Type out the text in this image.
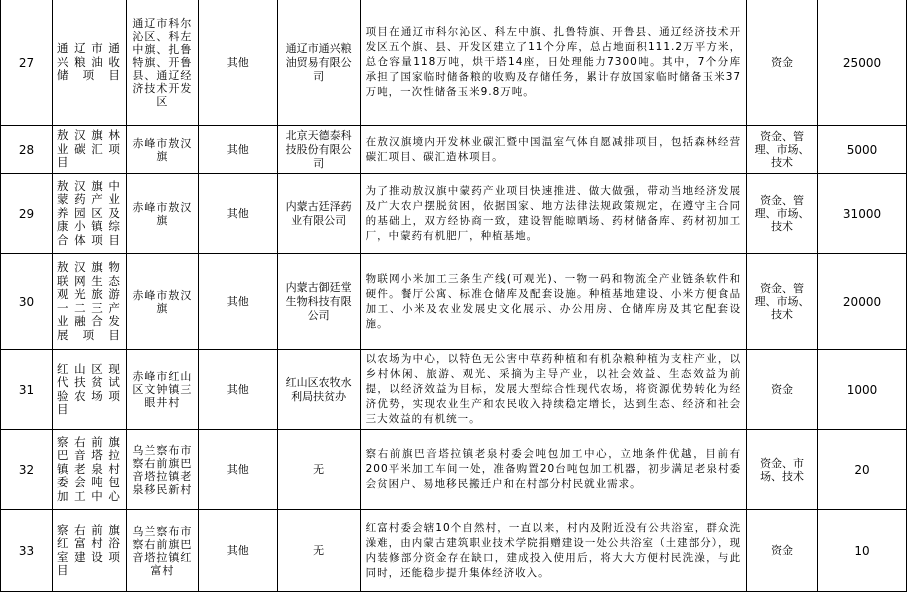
27	通辽市通兴粮油收储项目	通辽市科尔沁区、科左中旗、扎鲁特旗、开鲁县、通辽经济技术开发区	其他	通辽市通兴粮油贸易有限公司	项目在通辽市科尔沁区、科左中旗、扎鲁特旗、开鲁县、通辽经济技术开发区五个旗、县、开发区建立了11个分库，总占地面积111.2万平方米，总仓容量118万吨，烘干塔14座，日处理能力7300吨。其中，7个分库承担了国家临时储备粮的收购及存储任务，累计存放国家临时储备玉米37万吨，一次性储备玉米9.8万吨。	资金	25000
28	敖汉旗林业碳汇项目	赤峰市敖汉旗	其他	北京天德泰科技股份有限公司	在敖汉旗境内开发林业碳汇暨中国温室气体自愿减排项目，包括森林经营碳汇项目、碳汇造林项目。	资金、管理、市场、技术	5000
29	敖汉旗中蒙药产业养园区及康小镇综合体项目	赤峰市敖汉旗	其他	内蒙古廷泽药业有限公司	为了推动敖汉旗中蒙药产业项目快速推进、做大做强，带动当地经济发展及广大农户摆脱贫困，依据国家、地方法律法规政策规定，在遵守主合同的基础上，双方经协商一致，建设智能晾晒场、药材储备库、药材初加工厂，中蒙药有机肥厂，种植基地。	资金、管理、市场、技术	31000
30	敖汉旗物联网生态观光旅游一二三产业融合发展项目	赤峰市敖汉旗	其他	内蒙古御廷堂生物科技有限公司	物联网小米加工三条生产线(可观光)、一物一码和物流全产业链条软件和硬件。餐厅公寓、标准仓储库及配套设施。种植基地建设、小米方便食品加工、小米及农业发展史文化展示、办公用房、仓储库房及其它配套设施。	资金、管理、市场、技术	20000
31	红山区现代扶贫试验农场项目	赤峰市红山区文钟镇三眼井村	其他	红山区农牧水利局扶贫办	以农场为中心，以特色无公害中草药种植和有机杂粮种植为支柱产业，以乡村休闲、旅游、观光、采摘为主导产业，以社会效益、生态效益为前提，以经济效益为目标，发展大型综合性现代农场，将资源优势转化为经济优势，实现农业生产和农民收入持续稳定增长，达到生态、经济和社会三大效益的有机统一。	资金	1000
32	察右前旗巴音塔拉镇老泉村委会吨包加工中心	乌兰察布市察右前旗巴音塔拉镇老泉移民新村	其他	无	察右前旗巴音塔拉镇老泉村委会吨包加工中心，立地条件优越，目前有200平米加工车间一处，准备购置20台吨包加工机器，初步满足老泉村委会贫困户、易地移民搬迁户和在村部分村民就业需求。	资金、市场、技术	20
33	察右前旗红富村浴室建设项目	乌兰察布市察右前旗巴音塔拉镇红富村	其他	无	红富村委会辖10个自然村，一直以来，村内及附近没有公共浴室，群众洗澡难，由内蒙古建筑职业技术学院捐赠建设一处公共浴室（土建部分），现内装修部分资金存在缺口，建成投入使用后，将大大方便村民洗澡，与此同时，还能稳步提升集体经济收入。	资金	10
